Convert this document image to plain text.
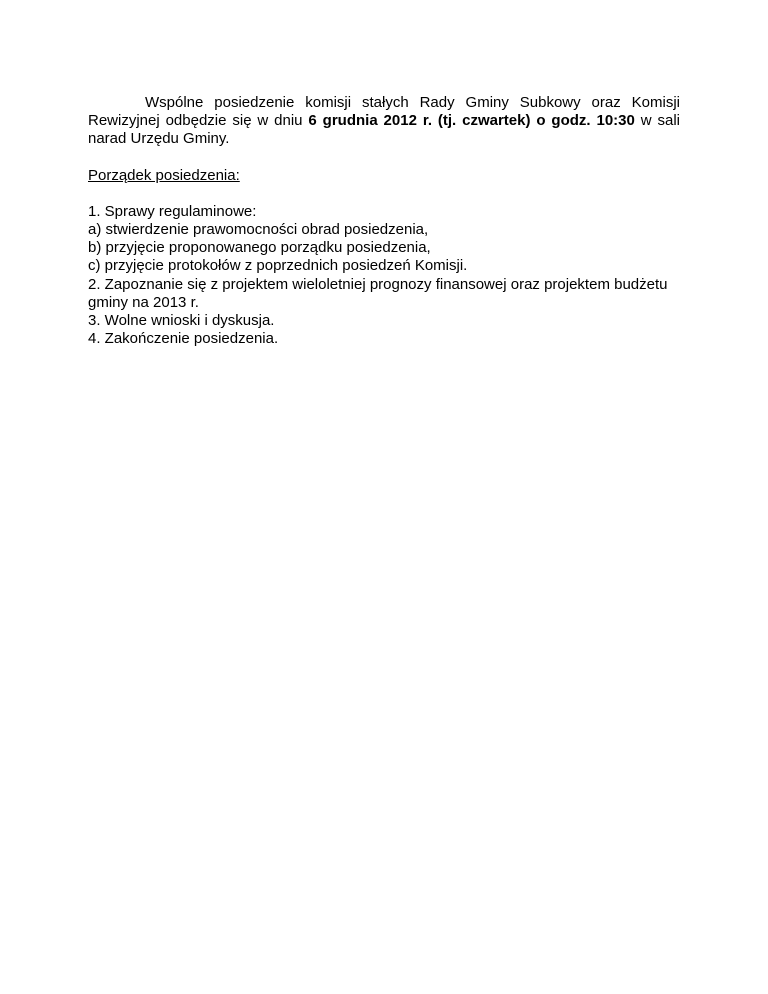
Wspólne posiedzenie komisji stałych Rady Gminy Subkowy oraz Komisji Rewizyjnej odbędzie się w dniu 6 grudnia 2012 r. (tj. czwartek) o godz. 10:30 w sali narad Urzędu Gminy.

Porządek posiedzenia:

1. Sprawy regulaminowe:
a) stwierdzenie prawomocności obrad posiedzenia,
b) przyjęcie proponowanego porządku posiedzenia,
c) przyjęcie protokołów z poprzednich posiedzeń Komisji.
2. Zapoznanie się z projektem wieloletniej prognozy finansowej oraz projektem budżetu gminy na 2013 r.
3. Wolne wnioski i dyskusja.
4. Zakończenie posiedzenia.
